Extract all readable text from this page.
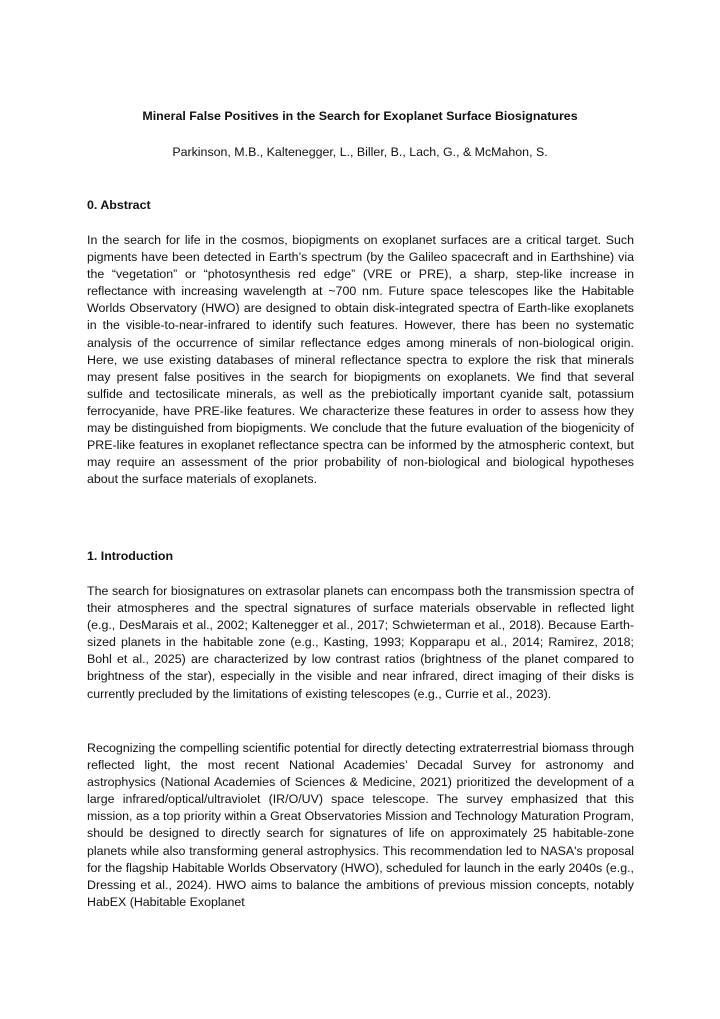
Mineral False Positives in the Search for Exoplanet Surface Biosignatures
Parkinson, M.B., Kaltenegger, L., Biller, B., Lach, G., & McMahon, S.
0. Abstract

In the search for life in the cosmos, biopigments on exoplanet surfaces are a critical target. Such pigments have been detected in Earth’s spectrum (by the Galileo spacecraft and in Earthshine) via the “vegetation” or “photosynthesis red edge” (VRE or PRE), a sharp, step-like increase in reflectance with increasing wavelength at ~700 nm. Future space telescopes like the Habitable Worlds Observatory (HWO) are designed to obtain disk-integrated spectra of Earth-like exoplanets in the visible-to-near-infrared to identify such features. However, there has been no systematic analysis of the occurrence of similar reflectance edges among minerals of non-biological origin. Here, we use existing databases of mineral reflectance spectra to explore the risk that minerals may present false positives in the search for biopigments on exoplanets. We find that several sulfide and tectosilicate minerals, as well as the prebiotically important cyanide salt, potassium ferrocyanide, have PRE-like features. We characterize these features in order to assess how they may be distinguished from biopigments. We conclude that the future evaluation of the biogenicity of PRE-like features in exoplanet reflectance spectra can be informed by the atmospheric context, but may require an assessment of the prior probability of non-biological and biological hypotheses about the surface materials of exoplanets.

1. Introduction

The search for biosignatures on extrasolar planets can encompass both the transmission spectra of their atmospheres and the spectral signatures of surface materials observable in reflected light (e.g., DesMarais et al., 2002; Kaltenegger et al., 2017; Schwieterman et al., 2018). Because Earth-sized planets in the habitable zone (e.g., Kasting, 1993; Kopparapu et al., 2014; Ramirez, 2018; Bohl et al., 2025) are characterized by low contrast ratios (brightness of the planet compared to brightness of the star), especially in the visible and near infrared, direct imaging of their disks is currently precluded by the limitations of existing telescopes (e.g., Currie et al., 2023).

Recognizing the compelling scientific potential for directly detecting extraterrestrial biomass through reflected light, the most recent National Academies’ Decadal Survey for astronomy and astrophysics (National Academies of Sciences & Medicine, 2021) prioritized the development of a large infrared/optical/ultraviolet (IR/O/UV) space telescope. The survey emphasized that this mission, as a top priority within a Great Observatories Mission and Technology Maturation Program, should be designed to directly search for signatures of life on approximately 25 habitable-zone planets while also transforming general astrophysics. This recommendation led to NASA's proposal for the flagship Habitable Worlds Observatory (HWO), scheduled for launch in the early 2040s (e.g., Dressing et al., 2024). HWO aims to balance the ambitions of previous mission concepts, notably HabEX (Habitable Exoplanet
